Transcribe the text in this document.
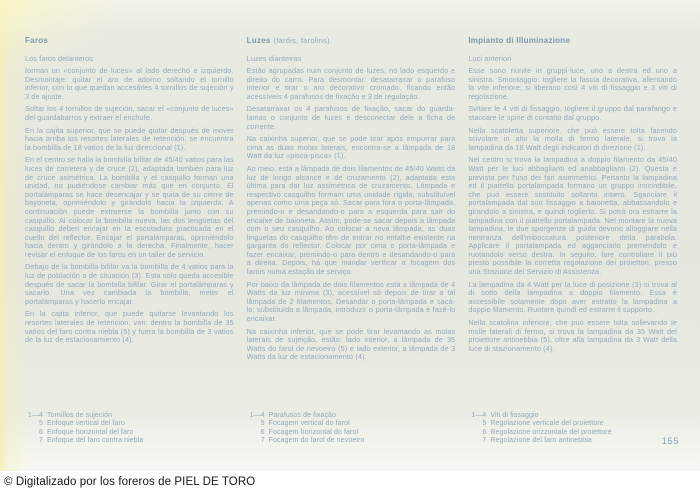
Faros
Los faros delanteros

forman un «conjunto de luces» al lado derecho e izquierdo. Desmontaje: quitar el aro de adorno soltando el tornillo inferior, con lo que quedan accesibles 4 tornillos de sujeción y 3 de ajuste.

Soltar los 4 tornillos de sujeción, sacar el «conjunto de luces» del guardabarros y extraer el enchufe.

En la cajita superior, que se puede quitar después de mover hacia arriba los resortes laterales de retención, se encuentra la bombilla de 18 vatios de la luz direccional (1).

En el centro se halla la bombilla bifilar de 45/40 vatios para las luces de carretera y de cruce (2), adaptada también para luz de cruce asimétrica. La bombilla y el casquillo forman una unidad, no pudiéndose cambiar más que en conjunto. El portalámparas se hace desencajar y se quita de su cierre de bayoneta, oprimiéndolo y girándolo hacia la izquierda. A continuación puede extraerse la bombilla junto con su casquillo. Al colocar la bombilla nueva, las dos lengüetas del casquillo deben encajar en la escotadura practicada en el cuello del reflector. Encajar el portalámparas, oprimiéndolo hacia dentro y girándolo a la derecha. Finalmente, hacer revisar el enfoque de los faros en un taller de servicio.

Debajo de la bombilla bifilar va la bombilla de 4 vatios para la luz de población o de situación (3). Esta sólo queda accesible después de sacar la bombilla bifilar. Girar el portalámparas y sacarlo. Una vez cambiada la bombilla, meter el portalámparas y hacerlo encajar.

En la cajita inferior, que puede quitarse levantando los resortes laterales de retención, van: dentro la bombilla de 35 vatios del faro contra niebla (5) y fuera la bombilla de 3 vatios de la luz de estacionamiento (4).

1—4 Tornillos de sujeción
5 Enfoque vertical del faro
6 Enfoque horizontal del faro
7 Enfoque del faro contra niebla
Luzes (faróis, farolins)
Luzes dianteiras

Estão agrupadas num conjunto de luzes, no lado esquerdo e direito do carro. Para desmontar: desatarraxar o parafuso interior e tirar o aro decorativo cromado, ficando então acessíveis 4 parafusos de fixação e 3 de regulação.

Desatarraxar os 4 parafusos de fixação, sacar do guarda-lamas o conjunto de luzes e desconectar dele a ficha de corrente.

Na caixinha superior, que se pode tirar após empurrar para cima as duas molas laterais, encontra-se a lâmpada de 18 Watt da luz «pisca-pisca» (1).

Ao meio, está a lâmpada de dois filamentos de 45/40 Watts da luz de longo alcance e de cruzamento (2), adaptada esta última para dar luz assimétrica de cruzamento. Lâmpada e respectivo casquilho formam uma unidade rígida, substituível apenas como uma peça só. Sacar para fora o porta-lâmpada, premindo-o e desandando-o para a esquerda para sair do encaixe de baioneta. Assim, pode-se sacar depois a lâmpada com o seu casquilho. Ao colocar a nova lâmpada, as duas linguetas do casquilho têm de entrar no entalhe existente na garganta do reflector. Colocar por cima o porta-lâmpada e fazer encaixar, premindo-o para dentro e desandando-o para a direita. Depois, há que mandar verificar a focagem dos faróis numa estação de serviço.

Por baixo da lâmpada de dois filamentos está a lâmpada de 4 Watts da luz mínima (3), acessível só depois de tirar a tal lâmpada de 2 filamentos. Desandar o porta-lâmpada e sacá-lo; substituída a lâmpada, introduzir o porta-lâmpada e fazê-lo encaixar.

Na caixinha inferior, que se pode tirar levantando as molas laterais de sujeição, estão: lado interior, a lâmpada de 35 Watts do farol de nevoeiro (5) e lado exterior, a lâmpada de 3 Watts da luz de estacionamento (4).

1—4 Parafusos de fixação
5 Focagem vertical do farol
6 Focagem horizontal do farol
7 Focagem do farol de nevoeiro
Impianto di Illuminazione
Luci anteriori

Esse sono riunite in gruppi-luce, uno a destra ed uno a sinistra. Smontaggio: togliere la fascia decorativa, allentando la vite inferiore; si liberano così 4 viti di fissaggio e 3 viti di regolazione.

Svitare le 4 viti di fissaggio, togliere il gruppo dal parafango e staccare le spine di contatto dal gruppo.

Nella scatoletta superiore, che può essere tolta facendo scivolare in alto la molla di fermo laterale, si trova la lampadina da 18 Watt degli indicatori di direzione (1).

Nel centro si trova la lampadina a doppio filamento da 45/40 Watt per le luci abbaglianti ed anabbaglianti (2). Questa è prevista per l'uso dei fari asimmetrici. Pertanto la lampadina ed il piattello portalampada formano un gruppo inscindibile, che può essere sostituito soltanto intiero. Sganciare il portalampada dal suo fissaggio a baionetta, abbassandolo e girandolo a sinistra, e quindi toglierlo. Si potrà ora estrarre la lampadina con il piattello portalampada. Nel montare la nuova lampadina, le due sporgenze di guida devono alloggiare nella rientranza dell'imboccatura posteriore della parabola. Applicare il portalampada ed agganciarlo premendolo e ruotandolo verso destra. In seguito, fare controllare il più presto possibile la corretta regolazione dei proiettori, presso una Stazione del Servizio di Assistenza.

La lampadina da 4 Watt per la luce di posizione (3) si trova al di sotto della lampadina a doppio filamento. Essa è accessibile solamente dopo aver estratto la lampadina a doppio filamento. Ruotare quindi ed estrarre il supporto.

Nella scatolina inferiore, che può essere tolta sollevando le molle laterali di fermo, si trova la lampadina da 35 Watt del proiettore antinebbia (5), oltre alla lampadina da 3 Watt della luce di stazionamento (4).

1—4 Viti di fissaggio
5 Regolazione verticale del proiettore
6 Regolazione orizzontale del proiettore
7 Regolazione del faro antinebbia	155
© Digitalizado por los foreros de PIEL DE TORO
